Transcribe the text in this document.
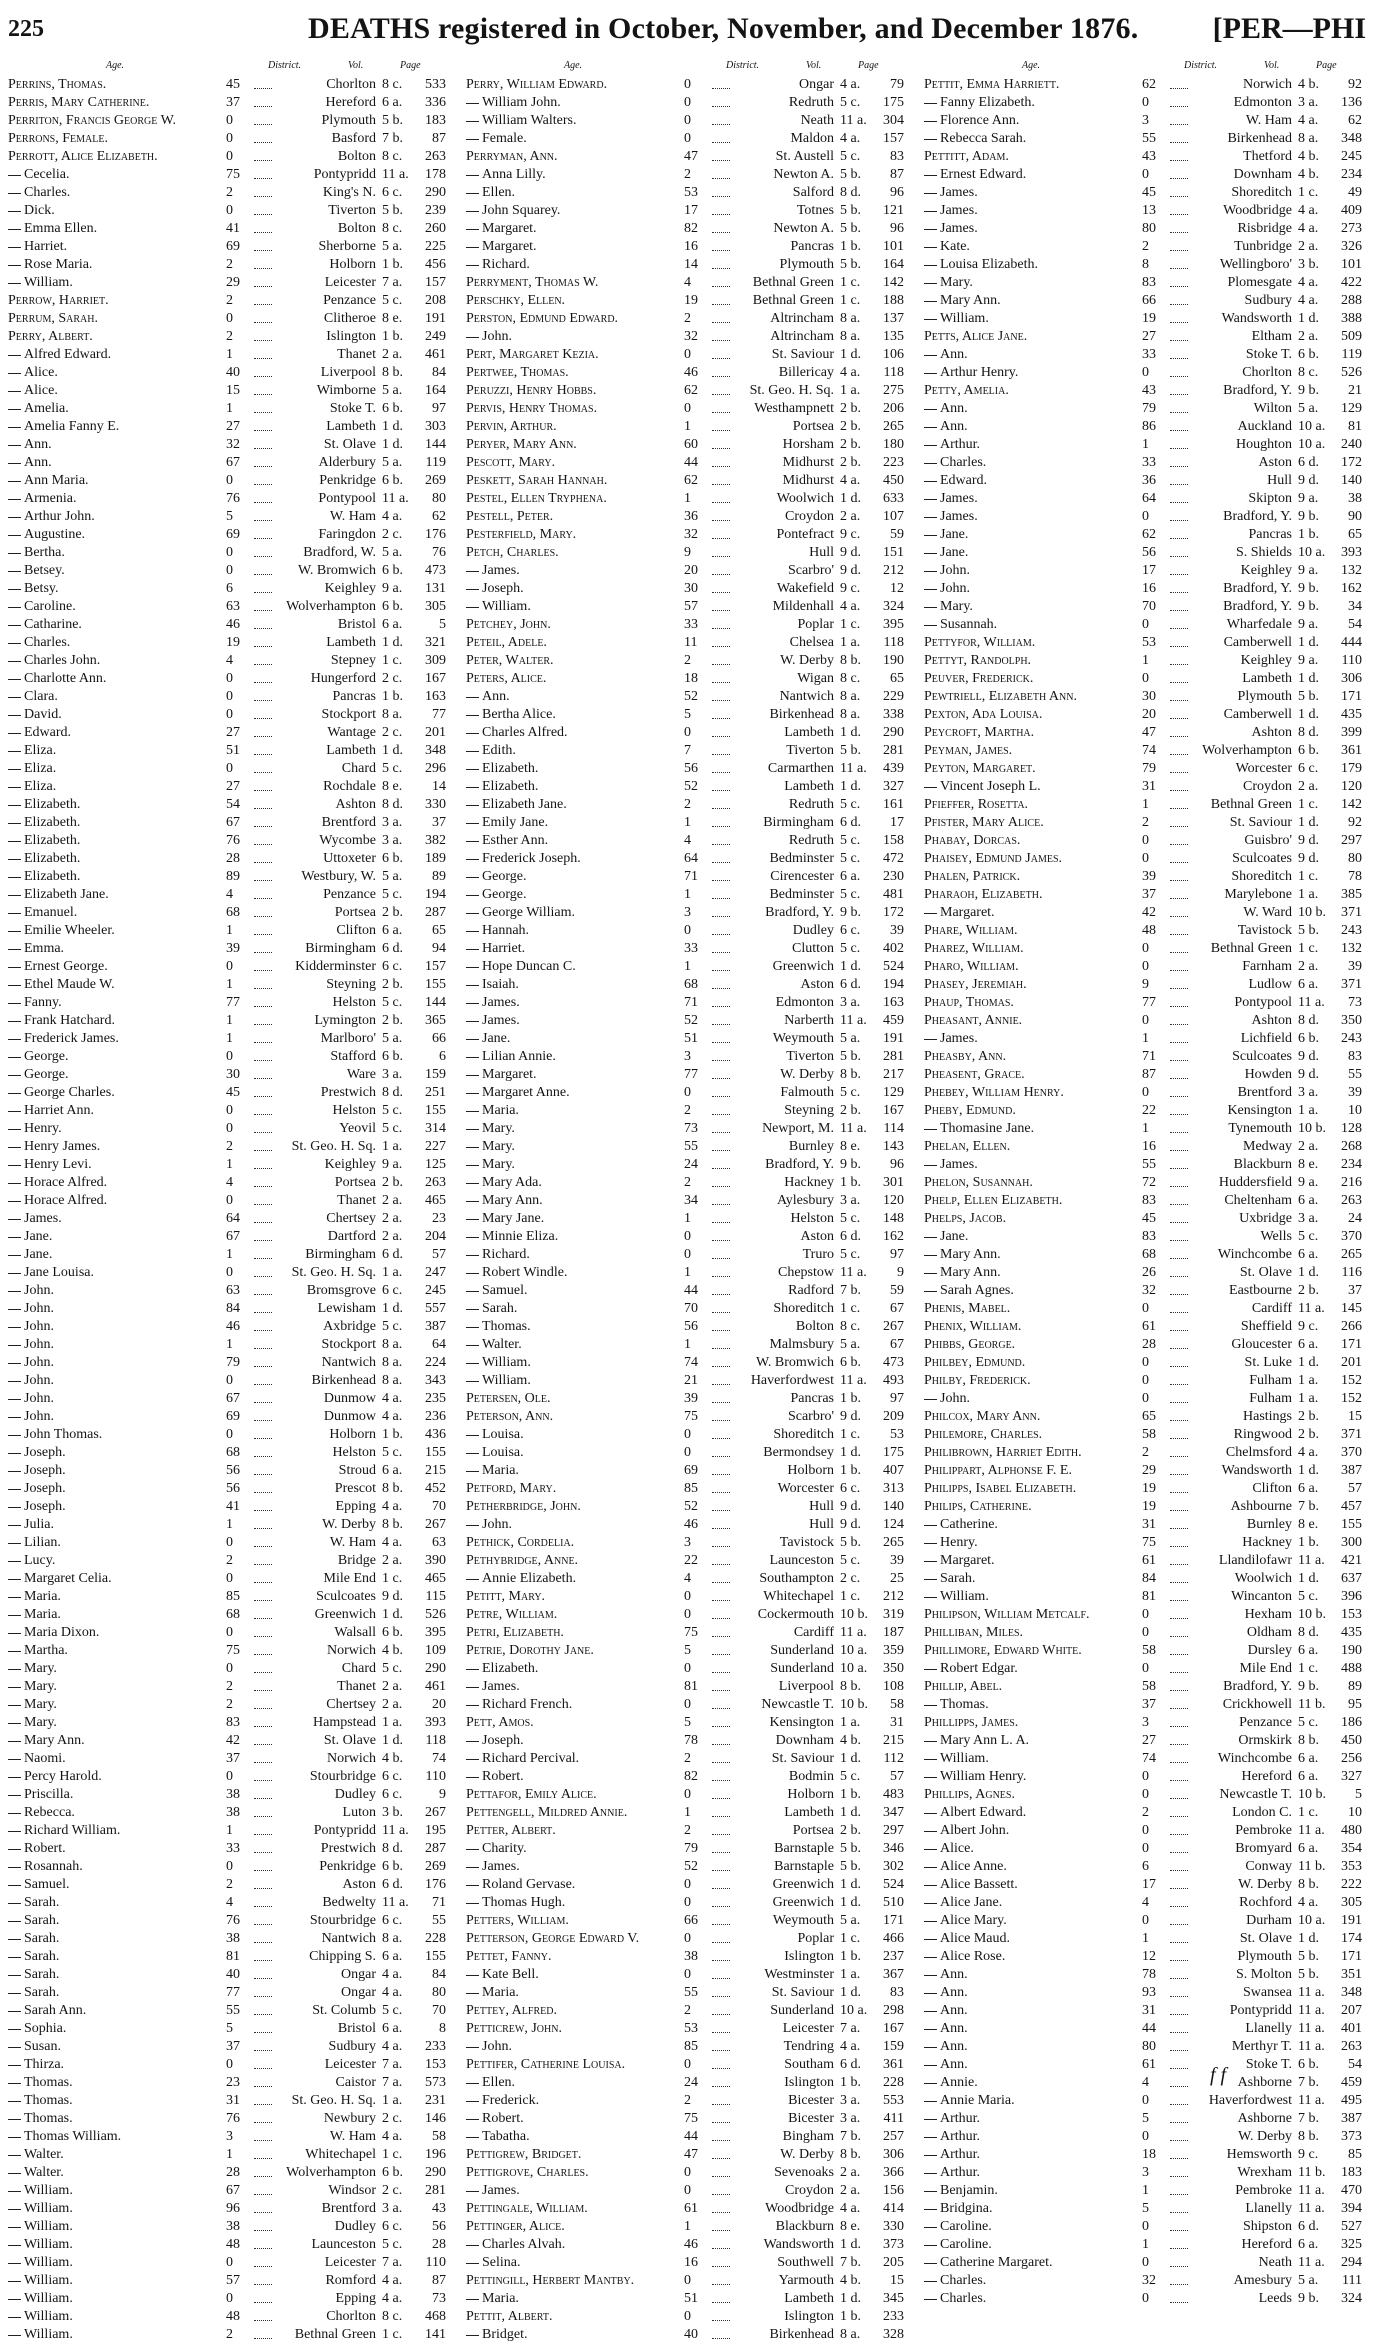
225	DEATHS registered in October, November, and December 1876. [PER—PHI
Age.	District.	Vol.	Page
Perrins, Thomas.	45	Chorlton 8 c.	533
Perris, Mary Catherine.	37	Hereford 6 a.	336
Perriton, Francis George W.	0	Plymouth 5 b.	183
Perrons, Female.	0	Basford 7 b.	87
Perrott, Alice Elizabeth.	0	Bolton 8 c.	263
Cecelia.	75	Pontypridd 11 a.	178
Charles.	2	King's N. 6 c.	290
Dick.	0	Tiverton 5 b.	239
Emma Ellen.	41	Bolton 8 c.	260
Harriet.	69	Sherborne 5 a.	225
Rose Maria.	2	Holborn 1 b.	456
William.	29	Leicester 7 a.	157
Perrow, Harriet.	2	Penzance 5 c.	208
Perrum, Sarah.	0	Clitheroe 8 e.	191
Perry, Albert.	2	Islington 1 b.	249
Alfred Edward.	1	Thanet 2 a.	461
Alice.	40	Liverpool 8 b.	84
Alice.	15	Wimborne 5 a.	164
Amelia.	1	Stoke T. 6 b.	97
Amelia Fanny E.	27	Lambeth 1 d.	303
Ann.	32	St. Olave 1 d.	144
Ann.	67	Alderbury 5 a.	119
Ann Maria.	0	Penkridge 6 b.	269
Armenia.	76	Pontypool 11 a.	80
Arthur John.	5	W. Ham 4 a.	62
Augustine.	69	Faringdon 2 c.	176
Bertha.	0	Bradford, W. 5 a.	76
Betsey.	0	W. Bromwich 6 b.	473
Betsy.	6	Keighley 9 a.	131
Caroline.	63	Wolverhampton 6 b.	305
Catharine.	46	Bristol 6 a.	5
Charles.	19	Lambeth 1 d.	321
Charles John.	4	Stepney 1 c.	309
Charlotte Ann.	0	Hungerford 2 c.	167
Clara.	0	Pancras 1 b.	163
David.	0	Stockport 8 a.	77
Edward.	27	Wantage 2 c.	201
Eliza.	51	Lambeth 1 d.	348
Eliza.	0	Chard 5 c.	296
Eliza.	27	Rochdale 8 e.	14
Elizabeth.	54	Ashton 8 d.	330
Elizabeth.	67	Brentford 3 a.	37
Elizabeth.	76	Wycombe 3 a.	382
Elizabeth.	28	Uttoxeter 6 b.	189
Elizabeth.	89	Westbury, W. 5 a.	89
Elizabeth Jane.	4	Penzance 5 c.	194
Emanuel.	68	Portsea 2 b.	287
Emilie Wheeler.	1	Clifton 6 a.	65
Emma.	39	Birmingham 6 d.	94
Ernest George.	0	Kidderminster 6 c.	157
Ethel Maude W.	1	Steyning 2 b.	155
Fanny.	77	Helston 5 c.	144
Frank Hatchard.	1	Lymington 2 b.	365
Frederick James.	1	Marlboro' 5 a.	66
George.	0	Stafford 6 b.	6
George.	30	Ware 3 a.	159
George Charles.	45	Prestwich 8 d.	251
Harriet Ann.	0	Helston 5 c.	155
Henry.	0	Yeovil 5 c.	314
Henry James.	2	St. Geo. H. Sq. 1 a.	227
Henry Levi.	1	Keighley 9 a.	125
Horace Alfred.	4	Portsea 2 b.	263
Horace Alfred.	0	Thanet 2 a.	465
James.	64	Chertsey 2 a.	23
Jane.	67	Dartford 2 a.	204
Jane.	1	Birmingham 6 d.	57
Jane Louisa.	0	St. Geo. H. Sq. 1 a.	247
John.	63	Bromsgrove 6 c.	245
John.	84	Lewisham 1 d.	557
John.	46	Axbridge 5 c.	387
John.	1	Stockport 8 a.	64
John.	79	Nantwich 8 a.	224
John.	0	Birkenhead 8 a.	343
John.	67	Dunmow 4 a.	235
John.	69	Dunmow 4 a.	236
John Thomas.	0	Holborn 1 b.	436
Joseph.	68	Helston 5 c.	155
Joseph.	56	Stroud 6 a.	215
Joseph.	56	Prescot 8 b.	452
Joseph.	41	Epping 4 a.	70
Julia.	1	W. Derby 8 b.	267
Lilian.	0	W. Ham 4 a.	63
Lucy.	2	Bridge 2 a.	390
Margaret Celia.	0	Mile End 1 c.	465
Maria.	85	Sculcoates 9 d.	115
Maria.	68	Greenwich 1 d.	526
Maria Dixon.	0	Walsall 6 b.	395
Martha.	75	Norwich 4 b.	109
Mary.	0	Chard 5 c.	290
Mary.	2	Thanet 2 a.	461
Mary.	2	Chertsey 2 a.	20
Mary.	83	Hampstead 1 a.	393
Mary Ann.	42	St. Olave 1 d.	118
Naomi.	37	Norwich 4 b.	74
Percy Harold.	0	Stourbridge 6 c.	110
Priscilla.	38	Dudley 6 c.	9
Rebecca.	38	Luton 3 b.	267
Richard William.	1	Pontypridd 11 a.	195
Robert.	33	Prestwich 8 d.	287
Rosannah.	0	Penkridge 6 b.	269
Samuel.	2	Aston 6 d.	176
Sarah.	4	Bedwelty 11 a.	71
Sarah.	76	Stourbridge 6 c.	55
Sarah.	38	Nantwich 8 a.	228
Sarah.	81	Chipping S. 6 a.	155
Sarah.	40	Ongar 4 a.	84
Sarah.	77	Ongar 4 a.	80
Sarah Ann.	55	St. Columb 5 c.	70
Sophia.	5	Bristol 6 a.	8
Susan.	37	Sudbury 4 a.	233
Thirza.	0	Leicester 7 a.	153
Thomas.	23	Caistor 7 a.	573
Thomas.	31	St. Geo. H. Sq. 1 a.	231
Thomas.	76	Newbury 2 c.	146
Thomas William.	3	W. Ham 4 a.	58
Walter.	1	Whitechapel 1 c.	196
Walter.	28	Wolverhampton 6 b.	290
William.	67	Windsor 2 c.	281
William.	96	Brentford 3 a.	43
William.	38	Dudley 6 c.	56
William.	48	Launceston 5 c.	28
William.	0	Leicester 7 a.	110
William.	57	Romford 4 a.	87
William.	0	Epping 4 a.	73
William.	48	Chorlton 8 c.	468
William.	2	Bethnal Green 1 c.	141
Age.	District.	Vol.	Page
Perry, William Edward.	0	Ongar 4 a.	79
William John.	0	Redruth 5 c.	175
William Walters.	0	Neath 11 a.	304
Female.	0	Maldon 4 a.	157
Perryman, Ann.	47	St. Austell 5 c.	83
Anna Lilly.	2	Newton A. 5 b.	87
Ellen.	53	Salford 8 d.	96
John Squarey.	17	Totnes 5 b.	121
Margaret.	82	Newton A. 5 b.	96
Margaret.	16	Pancras 1 b.	101
Richard.	14	Plymouth 5 b.	164
Perryment, Thomas W.	4	Bethnal Green 1 c.	142
Perschky, Ellen.	19	Bethnal Green 1 c.	188
Perston, Edmund Edward.	2	Altrincham 8 a.	137
John.	32	Altrincham 8 a.	135
Pert, Margaret Kezia.	0	St. Saviour 1 d.	106
Pertwee, Thomas.	46	Billericay 4 a.	118
Peruzzi, Henry Hobbs.	62	St. Geo. H. Sq. 1 a.	275
Pervis, Henry Thomas.	0	Westhampnett 2 b.	206
Pervin, Arthur.	1	Portsea 2 b.	265
Peryer, Mary Ann.	60	Horsham 2 b.	180
Pescott, Mary.	44	Midhurst 2 b.	223
Peskett, Sarah Hannah.	62	Midhurst 4 a.	450
Pestel, Ellen Tryphena.	1	Woolwich 1 d.	633
Pestell, Peter.	36	Croydon 2 a.	107
Pesterfield, Mary.	32	Pontefract 9 c.	59
Petch, Charles.	9	Hull 9 d.	151
James.	20	Scarbro' 9 d.	212
Joseph.	30	Wakefield 9 c.	12
William.	57	Mildenhall 4 a.	324
Petchey, John.	33	Poplar 1 c.	395
Peteil, Adele.	11	Chelsea 1 a.	118
Peter, Walter.	2	W. Derby 8 b.	190
Peters, Alice.	18	Wigan 8 c.	65
Ann.	52	Nantwich 8 a.	229
Bertha Alice.	5	Birkenhead 8 a.	338
Charles Alfred.	0	Lambeth 1 d.	290
Edith.	7	Tiverton 5 b.	281
Elizabeth.	56	Carmarthen 11 a.	439
Elizabeth.	52	Lambeth 1 d.	327
Elizabeth Jane.	2	Redruth 5 c.	161
Emily Jane.	1	Birmingham 6 d.	17
Esther Ann.	4	Redruth 5 c.	158
Frederick Joseph.	64	Bedminster 5 c.	472
George.	71	Cirencester 6 a.	230
George.	1	Bedminster 5 c.	481
George William.	3	Bradford, Y. 9 b.	172
Hannah.	0	Dudley 6 c.	39
Harriet.	33	Clutton 5 c.	402
Hope Duncan C.	1	Greenwich 1 d.	524
Isaiah.	68	Aston 6 d.	194
James.	71	Edmonton 3 a.	163
James.	52	Narberth 11 a.	459
Jane.	51	Weymouth 5 a.	191
Lilian Annie.	3	Tiverton 5 b.	281
Margaret.	77	W. Derby 8 b.	217
Margaret Anne.	0	Falmouth 5 c.	129
Maria.	2	Steyning 2 b.	167
Mary.	73	Newport, M. 11 a.	114
Mary.	55	Burnley 8 e.	143
Mary.	24	Bradford, Y. 9 b.	96
Mary Ada.	2	Hackney 1 b.	301
Mary Ann.	34	Aylesbury 3 a.	120
Mary Jane.	1	Helston 5 c.	148
Minnie Eliza.	0	Aston 6 d.	162
Richard.	0	Truro 5 c.	97
Robert Windle.	1	Chepstow 11 a.	9
Samuel.	44	Radford 7 b.	59
Sarah.	70	Shoreditch 1 c.	67
Thomas.	56	Bolton 8 c.	267
Walter.	1	Malmsbury 5 a.	67
William.	74	W. Bromwich 6 b.	473
William.	21	Haverfordwest 11 a.	493
Petersen, Ole.	39	Pancras 1 b.	97
Peterson, Ann.	75	Scarbro' 9 d.	209
Louisa.	0	Shoreditch 1 c.	53
Louisa.	0	Bermondsey 1 d.	175
Maria.	69	Holborn 1 b.	407
Petford, Mary.	85	Worcester 6 c.	313
Petherbridge, John.	52	Hull 9 d.	140
John.	46	Hull 9 d.	124
Pethick, Cordelia.	3	Tavistock 5 b.	265
Pethybridge, Anne.	22	Launceston 5 c.	39
Annie Elizabeth.	4	Southampton 2 c.	25
Petitt, Mary.	0	Whitechapel 1 c.	212
Petre, William.	0	Cockermouth 10 b.	319
Petri, Elizabeth.	75	Cardiff 11 a.	187
Petrie, Dorothy Jane.	5	Sunderland 10 a.	359
Elizabeth.	0	Sunderland 10 a.	350
James.	81	Liverpool 8 b.	108
Richard French.	0	Newcastle T. 10 b.	58
Pett, Amos.	5	Kensington 1 a.	31
Joseph.	78	Downham 4 b.	215
Richard Percival.	2	St. Saviour 1 d.	112
Robert.	82	Bodmin 5 c.	57
Pettafor, Emily Alice.	0	Holborn 1 b.	483
Pettengell, Mildred Annie.	1	Lambeth 1 d.	347
Petter, Albert.	2	Portsea 2 b.	297
Charity.	79	Barnstaple 5 b.	346
James.	52	Barnstaple 5 b.	302
Roland Gervase.	0	Greenwich 1 d.	524
Thomas Hugh.	0	Greenwich 1 d.	510
Petters, William.	66	Weymouth 5 a.	171
Petterson, George Edward V.	0	Poplar 1 c.	466
Pettet, Fanny.	38	Islington 1 b.	237
Kate Bell.	0	Westminster 1 a.	367
Maria.	55	St. Saviour 1 d.	83
Pettey, Alfred.	2	Sunderland 10 a.	298
Petticrew, John.	53	Leicester 7 a.	167
John.	85	Tendring 4 a.	159
Pettifer, Catherine Louisa.	0	Southam 6 d.	361
Ellen.	24	Islington 1 b.	228
Frederick.	2	Bicester 3 a.	553
Robert.	75	Bicester 3 a.	411
Tabatha.	44	Bingham 7 b.	257
Pettigrew, Bridget.	47	W. Derby 8 b.	306
Pettigrove, Charles.	0	Sevenoaks 2 a.	366
James.	0	Croydon 2 a.	156
Pettingale, William.	61	Woodbridge 4 a.	414
Pettinger, Alice.	1	Blackburn 8 e.	330
Charles Alvah.	46	Wandsworth 1 d.	373
Selina.	16	Southwell 7 b.	205
Pettingill, Herbert Mantby.	0	Yarmouth 4 b.	15
Maria.	51	Lambeth 1 d.	345
Pettit, Albert.	0	Islington 1 b.	233
Bridget.	40	Birkenhead 8 a.	328
Age.	District.	Vol.	Page
Pettit, Emma Harriett.	62	Norwich 4 b.	92
Fanny Elizabeth.	0	Edmonton 3 a.	136
Florence Ann.	3	W. Ham 4 a.	62
Rebecca Sarah.	55	Birkenhead 8 a.	348
Pettitt, Adam.	43	Thetford 4 b.	245
Ernest Edward.	0	Downham 4 b.	234
James.	45	Shoreditch 1 c.	49
James.	13	Woodbridge 4 a.	409
James.	80	Risbridge 4 a.	273
Kate.	2	Tunbridge 2 a.	326
Louisa Elizabeth.	8	Wellingboro' 3 b.	101
Mary.	83	Plomesgate 4 a.	422
Mary Ann.	66	Sudbury 4 a.	288
William.	19	Wandsworth 1 d.	388
Petts, Alice Jane.	27	Eltham 2 a.	509
Ann.	33	Stoke T. 6 b.	119
Arthur Henry.	0	Chorlton 8 c.	526
Petty, Amelia.	43	Bradford, Y. 9 b.	21
Ann.	79	Wilton 5 a.	129
Ann.	86	Auckland 10 a.	81
Arthur.	1	Houghton 10 a.	240
Charles.	33	Aston 6 d.	172
Edward.	36	Hull 9 d.	140
James.	64	Skipton 9 a.	38
James.	0	Bradford, Y. 9 b.	90
Jane.	62	Pancras 1 b.	65
Jane.	56	S. Shields 10 a.	393
John.	17	Keighley 9 a.	132
John.	16	Bradford, Y. 9 b.	162
Mary.	70	Bradford, Y. 9 b.	34
Susannah.	0	Wharfedale 9 a.	54
Pettyfor, William.	53	Camberwell 1 d.	444
Pettyt, Randolph.	1	Keighley 9 a.	110
Peuver, Frederick.	0	Lambeth 1 d.	306
Pewtriell, Elizabeth Ann.	30	Plymouth 5 b.	171
Pexton, Ada Louisa.	20	Camberwell 1 d.	435
Peycroft, Martha.	47	Ashton 8 d.	399
Peyman, James.	74	Wolverhampton 6 b.	361
Peyton, Margaret.	79	Worcester 6 c.	179
Vincent Joseph L.	31	Croydon 2 a.	120
Pfieffer, Rosetta.	1	Bethnal Green 1 c.	142
Pfister, Mary Alice.	2	St. Saviour 1 d.	92
Phabay, Dorcas.	0	Guisbro' 9 d.	297
Phaisey, Edmund James.	0	Sculcoates 9 d.	80
Phalen, Patrick.	39	Shoreditch 1 c.	78
Pharaoh, Elizabeth.	37	Marylebone 1 a.	385
Margaret.	42	W. Ward 10 b.	371
Phare, William.	48	Tavistock 5 b.	243
Pharez, William.	0	Bethnal Green 1 c.	132
Pharo, William.	0	Farnham 2 a.	39
Phasey, Jeremiah.	9	Ludlow 6 a.	371
Phaup, Thomas.	77	Pontypool 11 a.	73
Pheasant, Annie.	0	Ashton 8 d.	350
James.	1	Lichfield 6 b.	243
Pheasby, Ann.	71	Sculcoates 9 d.	83
Pheasent, Grace.	87	Howden 9 d.	55
Phebey, William Henry.	0	Brentford 3 a.	39
Pheby, Edmund.	22	Kensington 1 a.	10
Thomasine Jane.	1	Tynemouth 10 b.	128
Phelan, Ellen.	16	Medway 2 a.	268
James.	55	Blackburn 8 e.	234
Phelon, Susannah.	72	Huddersfield 9 a.	216
Phelp, Ellen Elizabeth.	83	Cheltenham 6 a.	263
Phelps, Jacob.	45	Uxbridge 3 a.	24
Jane.	83	Wells 5 c.	370
Mary Ann.	68	Winchcombe 6 a.	265
Mary Ann.	26	St. Olave 1 d.	116
Sarah Agnes.	32	Eastbourne 2 b.	37
Phenis, Mabel.	0	Cardiff 11 a.	145
Phenix, William.	61	Sheffield 9 c.	266
Phibbs, George.	28	Gloucester 6 a.	171
Philbey, Edmund.	0	St. Luke 1 d.	201
Philby, Frederick.	0	Fulham 1 a.	152
John.	0	Fulham 1 a.	152
Philcox, Mary Ann.	65	Hastings 2 b.	15
Philemore, Charles.	58	Ringwood 2 b.	371
Philibrown, Harriet Edith.	2	Chelmsford 4 a.	370
Philippart, Alphonse F. E.	29	Wandsworth 1 d.	387
Philipps, Isabel Elizabeth.	19	Clifton 6 a.	57
Philips, Catherine.	19	Ashbourne 7 b.	457
Catherine.	31	Burnley 8 e.	155
Henry.	75	Hackney 1 b.	300
Margaret.	61	Llandilofawr 11 a.	421
Sarah.	84	Woolwich 1 d.	637
William.	81	Wincanton 5 c.	396
Philipson, William Metcalf.	0	Hexham 10 b.	153
Philliban, Miles.	0	Oldham 8 d.	435
Phillimore, Edward White.	58	Dursley 6 a.	190
Robert Edgar.	0	Mile End 1 c.	488
Phillip, Abel.	58	Bradford, Y. 9 b.	89
Thomas.	37	Crickhowell 11 b.	95
Phillipps, James.	3	Penzance 5 c.	186
Mary Ann L. A.	27	Ormskirk 8 b.	450
William.	74	Winchcombe 6 a.	256
William Henry.	0	Hereford 6 a.	327
Phillips, Agnes.	0	Newcastle T. 10 b.	5
Albert Edward.	2	London C. 1 c.	10
Albert John.	0	Pembroke 11 a.	480
Alice.	0	Bromyard 6 a.	354
Alice Anne.	6	Conway 11 b.	353
Alice Bassett.	17	W. Derby 8 b.	222
Alice Jane.	4	Rochford 4 a.	305
Alice Mary.	0	Durham 10 a.	191
Alice Maud.	1	St. Olave 1 d.	174
Alice Rose.	12	Plymouth 5 b.	171
Ann.	78	S. Molton 5 b.	351
Ann.	93	Swansea 11 a.	348
Ann.	31	Pontypridd 11 a.	207
Ann.	44	Llanelly 11 a.	401
Ann.	80	Merthyr T. 11 a.	263
Ann.	61	Stoke T. 6 b.	54
Annie.	4	Ashborne 7 b.	459
Annie Maria.	0	Haverfordwest 11 a.	495
Arthur.	5	Ashborne 7 b.	387
Arthur.	0	W. Derby 8 b.	373
Arthur.	18	Hemsworth 9 c.	85
Arthur.	3	Wrexham 11 b.	183
Benjamin.	1	Pembroke 11 a.	470
Bridgina.	5	Llanelly 11 a.	394
Caroline.	0	Shipston 6 d.	527
Caroline.	1	Hereford 6 a.	325
Catherine Margaret.	0	Neath 11 a.	294
Charles.	32	Amesbury 5 a.	111
Charles.	0	Leeds 9 b.	324
f f
